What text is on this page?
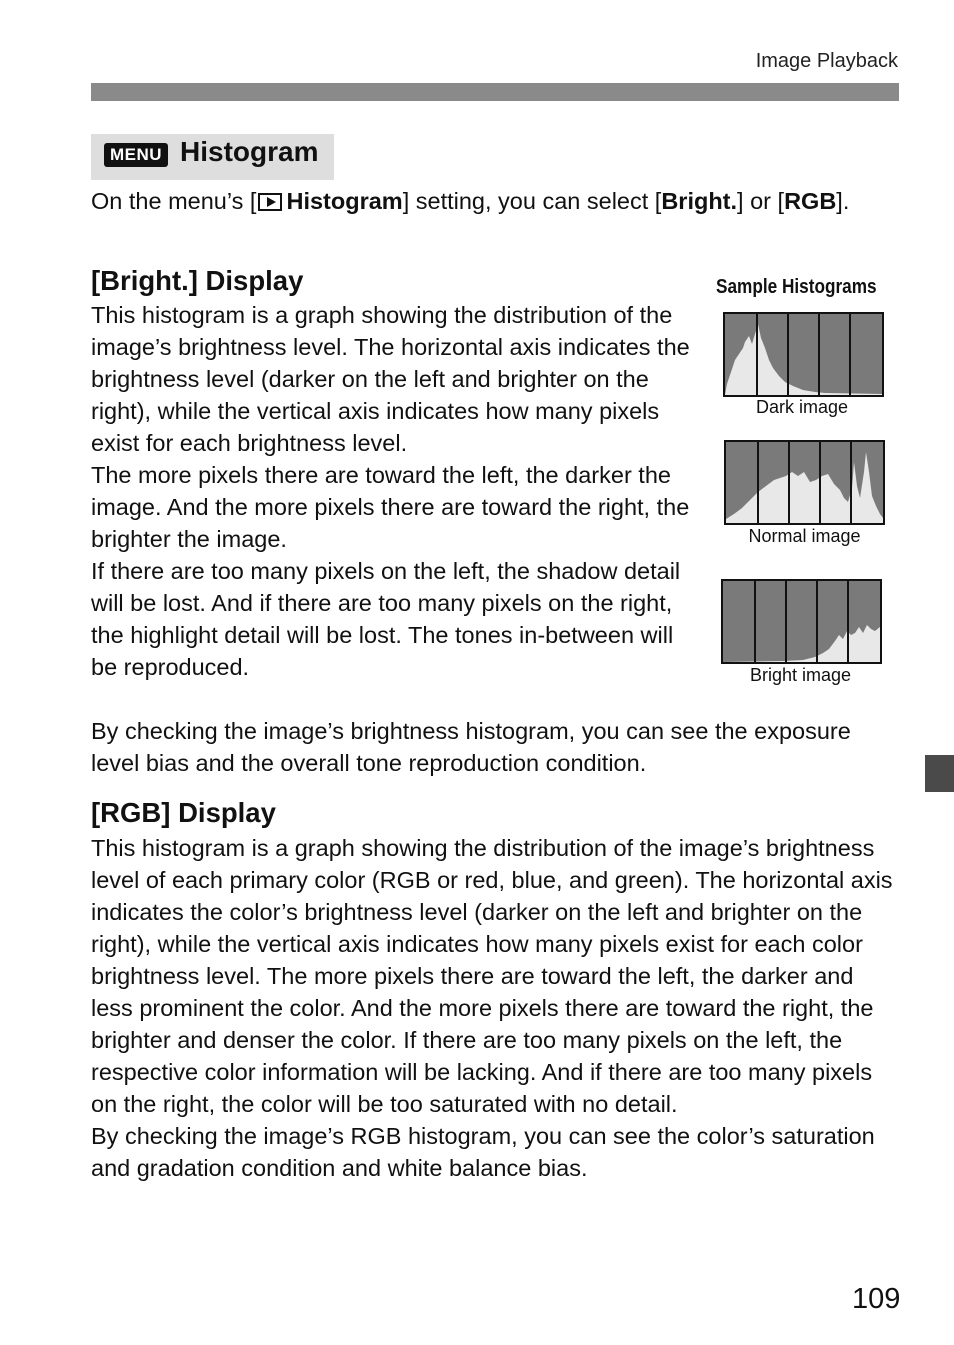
Image Playback
MENU Histogram

On the menu’s [ Histogram] setting, you can select [Bright.] or [RGB].

[Bright.] Display

This histogram is a graph showing the distribution of the image’s brightness level. The horizontal axis indicates the brightness level (darker on the left and brighter on the right), while the vertical axis indicates how many pixels exist for each brightness level.

The more pixels there are toward the left, the darker the image. And the more pixels there are toward the right, the brighter the image.

If there are too many pixels on the left, the shadow detail will be lost. And if there are too many pixels on the right, the highlight detail will be lost. The tones in-between will be reproduced.

By checking the image’s brightness histogram, you can see the exposure level bias and the overall tone reproduction condition.

Sample Histograms
Dark image
Normal image
Bright image
[RGB] Display

This histogram is a graph showing the distribution of the image’s brightness level of each primary color (RGB or red, blue, and green). The horizontal axis indicates the color’s brightness level (darker on the left and brighter on the right), while the vertical axis indicates how many pixels exist for each color brightness level. The more pixels there are toward the left, the darker and less prominent the color. And the more pixels there are toward the right, the brighter and denser the color. If there are too many pixels on the left, the respective color information will be lacking. And if there are too many pixels on the right, the color will be too saturated with no detail.

By checking the image’s RGB histogram, you can see the color’s saturation and gradation condition and white balance bias.

109
